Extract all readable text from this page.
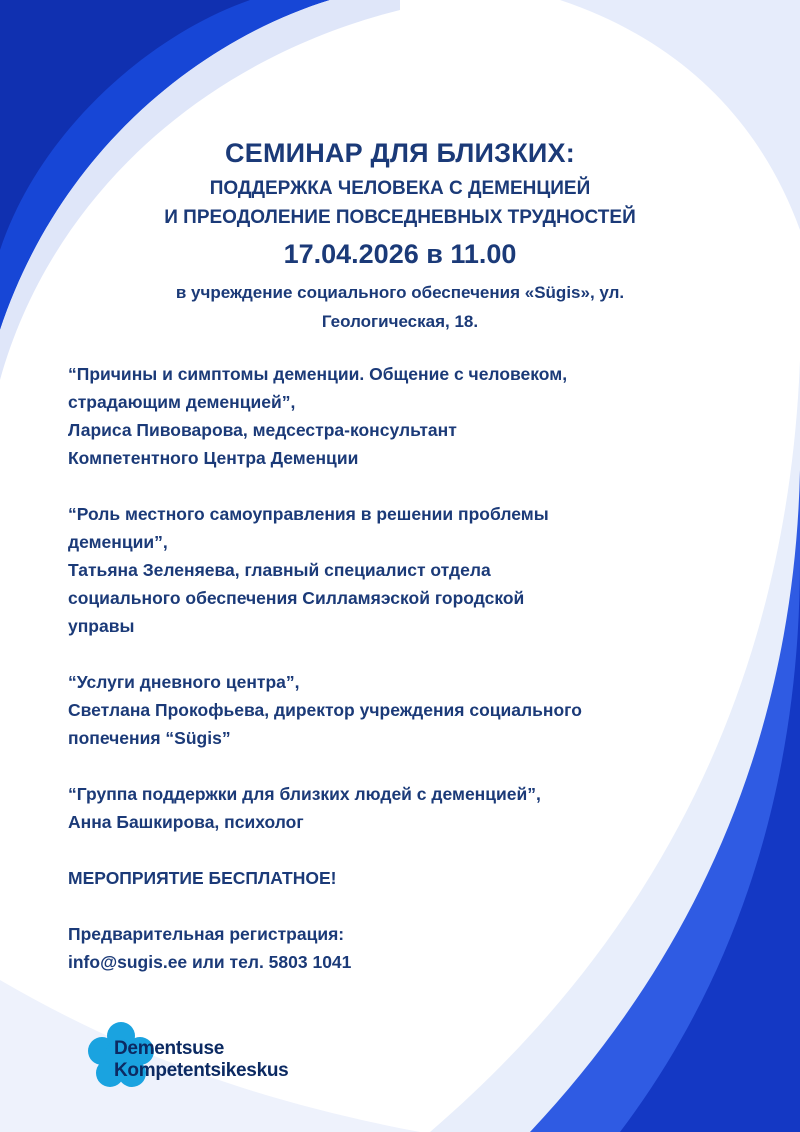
СЕМИНАР ДЛЯ БЛИЗКИХ:
ПОДДЕРЖКА ЧЕЛОВЕКА С ДЕМЕНЦИЕЙ
И ПРЕОДОЛЕНИЕ ПОВСЕДНЕВНЫХ ТРУДНОСТЕЙ
17.04.2026 в 11.00
в учреждение социального обеспечения «Sügis», ул.
Геологическая, 18.

“Причины и симптомы деменции. Общение с человеком,

страдающим деменцией”,

Лариса Пивоварова, медсестра-консультант

Компетентного Центра Деменции

“Роль местного самоуправления в решении проблемы

деменции”,

Татьяна Зеленяева, главный специалист отдела

социального обеспечения Силламяэской городской

управы

“Услуги дневного центра”,

Светлана Прокофьева, директор учреждения социального

попечения “Sügis”

“Группа поддержки для близких людей с деменцией”,

Анна Башкирова, психолог

МЕРОПРИЯТИЕ БЕСПЛАТНОЕ!

Предварительная регистрация:

info@sugis.ee или тел. 5803 1041

Dementsuse
Kompetentsikeskus
